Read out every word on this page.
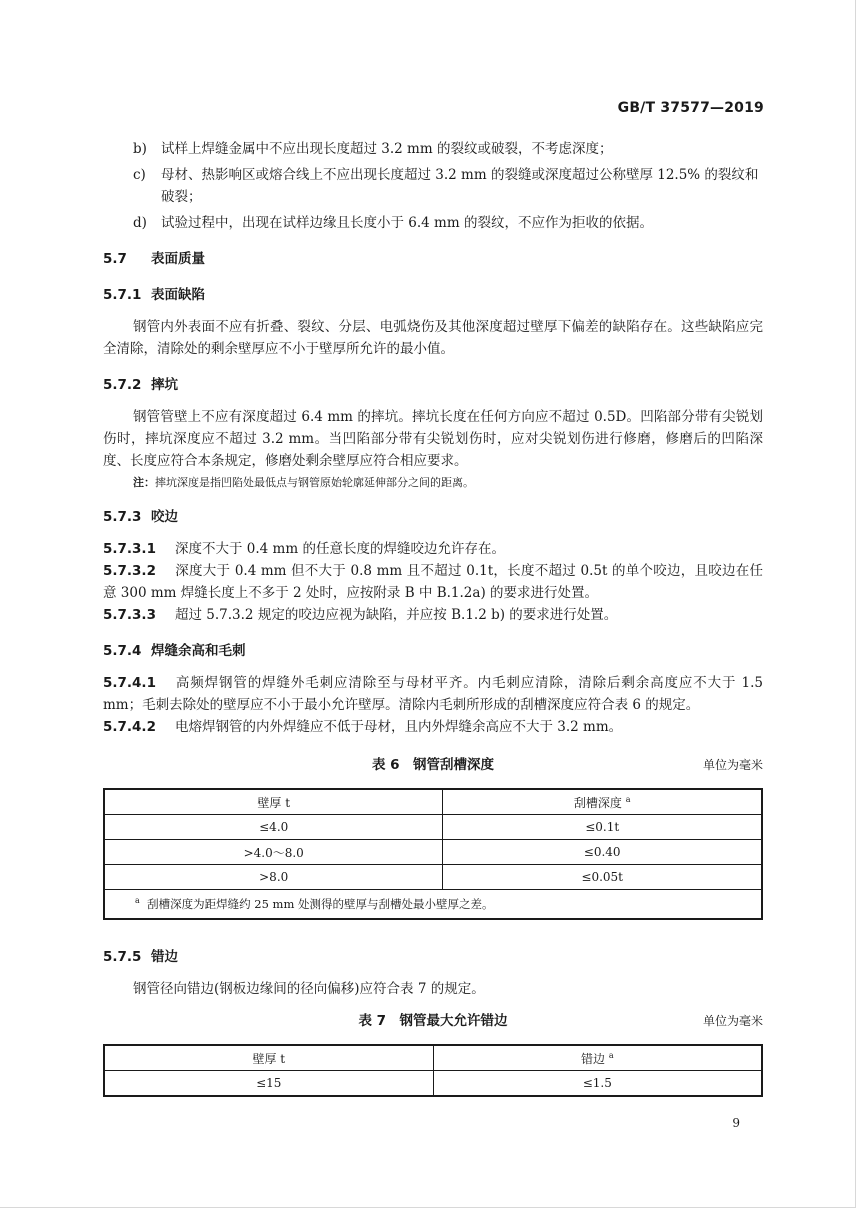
GB/T 37577—2019
b)	试样上焊缝金属中不应出现长度超过 3.2 mm 的裂纹或破裂，不考虑深度；
c)	母材、热影响区或熔合线上不应出现长度超过 3.2 mm 的裂缝或深度超过公称壁厚 12.5% 的裂纹和破裂；
d)	试验过程中，出现在试样边缘且长度小于 6.4 mm 的裂纹，不应作为拒收的依据。
5.7 表面质量
5.7.1 表面缺陷
钢管内外表面不应有折叠、裂纹、分层、电弧烧伤及其他深度超过壁厚下偏差的缺陷存在。这些缺陷应完全清除，清除处的剩余壁厚应不小于壁厚所允许的最小值。
5.7.2 摔坑
钢管管壁上不应有深度超过 6.4 mm 的摔坑。摔坑长度在任何方向应不超过 0.5D。凹陷部分带有尖锐划伤时，摔坑深度应不超过 3.2 mm。当凹陷部分带有尖锐划伤时，应对尖锐划伤进行修磨，修磨后的凹陷深度、长度应符合本条规定，修磨处剩余壁厚应符合相应要求。
注：摔坑深度是指凹陷处最低点与钢管原始轮廓延伸部分之间的距离。
5.7.3 咬边
5.7.3.1 深度不大于 0.4 mm 的任意长度的焊缝咬边允许存在。
5.7.3.2 深度大于 0.4 mm 但不大于 0.8 mm 且不超过 0.1t，长度不超过 0.5t 的单个咬边，且咬边在任意 300 mm 焊缝长度上不多于 2 处时，应按附录 B 中 B.1.2a) 的要求进行处置。
5.7.3.3 超过 5.7.3.2 规定的咬边应视为缺陷，并应按 B.1.2 b) 的要求进行处置。
5.7.4 焊缝余高和毛刺
5.7.4.1 高频焊钢管的焊缝外毛刺应清除至与母材平齐。内毛刺应清除，清除后剩余高度应不大于 1.5 mm；毛刺去除处的壁厚应不小于最小允许壁厚。清除内毛刺所形成的刮槽深度应符合表 6 的规定。
5.7.4.2 电熔焊钢管的内外焊缝应不低于母材，且内外焊缝余高应不大于 3.2 mm。
表 6　钢管刮槽深度	单位为毫米
壁厚 t	刮槽深度 $^a$
≤4.0	≤0.1t
>4.0～8.0	≤0.40
>8.0	≤0.05t
$^a$ 刮槽深度为距焊缝约 25 mm 处测得的壁厚与刮槽处最小壁厚之差。	
5.7.5 错边
钢管径向错边(钢板边缘间的径向偏移)应符合表 7 的规定。
表 7　钢管最大允许错边	单位为毫米
壁厚 t	错边 $^a$
≤15	≤1.5
9
